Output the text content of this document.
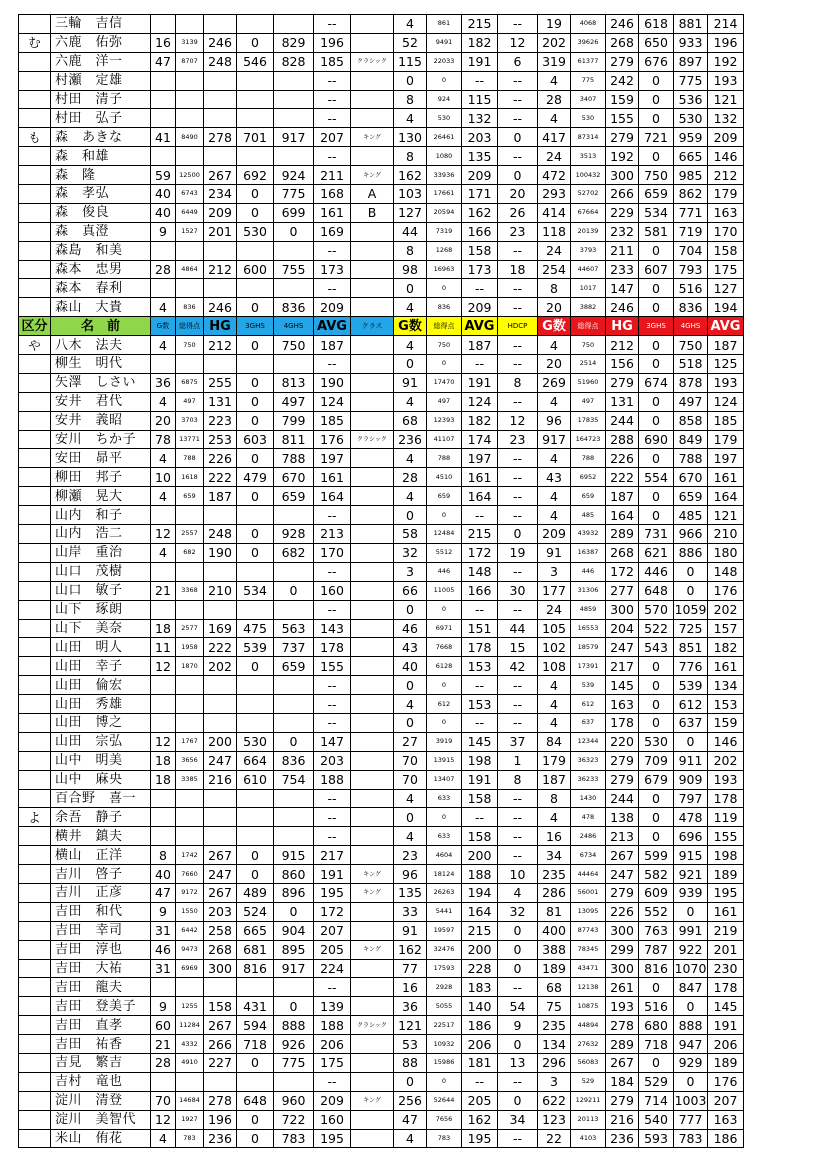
	三輪　吉信						--		4	861	215	--	19	4068	246	618	881	214
む	六鹿　佑弥	16	3139	246	0	829	196		52	9491	182	12	202	39626	268	650	933	196
	六鹿　洋一	47	8707	248	546	828	185	クラシック	115	22033	191	6	319	61377	279	676	897	192
	村瀬　定雄						--		0	0	--	--	4	775	242	0	775	193
	村田　清子						--		8	924	115	--	28	3407	159	0	536	121
	村田　弘子						--		4	530	132	--	4	530	155	0	530	132
も	森　あきな	41	8490	278	701	917	207	キング	130	26461	203	0	417	87314	279	721	959	209
	森　和雄						--		8	1080	135	--	24	3513	192	0	665	146
	森　隆	59	12500	267	692	924	211	キング	162	33936	209	0	472	100432	300	750	985	212
	森　孝弘	40	6743	234	0	775	168	A	103	17661	171	20	293	52702	266	659	862	179
	森　俊良	40	6449	209	0	699	161	B	127	20594	162	26	414	67664	229	534	771	163
	森　真澄	9	1527	201	530	0	169		44	7319	166	23	118	20139	232	581	719	170
	森島　和美						--		8	1268	158	--	24	3793	211	0	704	158
	森本　忠男	28	4864	212	600	755	173		98	16963	173	18	254	44607	233	607	793	175
	森本　春利						--		0	0	--	--	8	1017	147	0	516	127
	森山　大貴	4	836	246	0	836	209		4	836	209	--	20	3882	246	0	836	194
区分	名　前	G数	総得点	HG	3GHS	4GHS	AVG	クラス	G数	総得点	AVG	HDCP	G数	総得点	HG	3GHS	4GHS	AVG
や	八木　法夫	4	750	212	0	750	187		4	750	187	--	4	750	212	0	750	187
	柳生　明代						--		0	0	--	--	20	2514	156	0	518	125
	矢澤　しさい	36	6875	255	0	813	190		91	17470	191	8	269	51960	279	674	878	193
	安井　君代	4	497	131	0	497	124		4	497	124	--	4	497	131	0	497	124
	安井　義昭	20	3703	223	0	799	185		68	12393	182	12	96	17835	244	0	858	185
	安川　ちか子	78	13771	253	603	811	176	クラシック	236	41107	174	23	917	164723	288	690	849	179
	安田　昴平	4	788	226	0	788	197		4	788	197	--	4	788	226	0	788	197
	柳田　邦子	10	1618	222	479	670	161		28	4510	161	--	43	6952	222	554	670	161
	柳瀬　晃大	4	659	187	0	659	164		4	659	164	--	4	659	187	0	659	164
	山内　和子						--		0	0	--	--	4	485	164	0	485	121
	山内　浩二	12	2557	248	0	928	213		58	12484	215	0	209	43932	289	731	966	210
	山岸　重治	4	682	190	0	682	170		32	5512	172	19	91	16387	268	621	886	180
	山口　茂樹						--		3	446	148	--	3	446	172	446	0	148
	山口　敏子	21	3368	210	534	0	160		66	11005	166	30	177	31306	277	648	0	176
	山下　琢朗						--		0	0	--	--	24	4859	300	570	1059	202
	山下　美奈	18	2577	169	475	563	143		46	6971	151	44	105	16553	204	522	725	157
	山田　明人	11	1958	222	539	737	178		43	7668	178	15	102	18579	247	543	851	182
	山田　幸子	12	1870	202	0	659	155		40	6128	153	42	108	17391	217	0	776	161
	山田　倫宏						--		0	0	--	--	4	539	145	0	539	134
	山田　秀雄						--		4	612	153	--	4	612	163	0	612	153
	山田　博之						--		0	0	--	--	4	637	178	0	637	159
	山田　宗弘	12	1767	200	530	0	147		27	3919	145	37	84	12344	220	530	0	146
	山中　明美	18	3656	247	664	836	203		70	13915	198	1	179	36323	279	709	911	202
	山中　麻央	18	3385	216	610	754	188		70	13407	191	8	187	36233	279	679	909	193
	百合野　喜一						--		4	633	158	--	8	1430	244	0	797	178
よ	余吾　静子						--		0	0	--	--	4	478	138	0	478	119
	横井　鎮夫						--		4	633	158	--	16	2486	213	0	696	155
	横山　正洋	8	1742	267	0	915	217		23	4604	200	--	34	6734	267	599	915	198
	吉川　啓子	40	7660	247	0	860	191	キング	96	18124	188	10	235	44464	247	582	921	189
	吉川　正彦	47	9172	267	489	896	195	キング	135	26263	194	4	286	56001	279	609	939	195
	吉田　和代	9	1550	203	524	0	172		33	5441	164	32	81	13095	226	552	0	161
	吉田　幸司	31	6442	258	665	904	207		91	19597	215	0	400	87743	300	763	991	219
	吉田　淳也	46	9473	268	681	895	205	キング	162	32476	200	0	388	78345	299	787	922	201
	吉田　大祐	31	6969	300	816	917	224		77	17593	228	0	189	43471	300	816	1070	230
	吉田　龍夫						--		16	2928	183	--	68	12138	261	0	847	178
	吉田　登美子	9	1255	158	431	0	139		36	5055	140	54	75	10875	193	516	0	145
	吉田　直孝	60	11284	267	594	888	188	クラシック	121	22517	186	9	235	44894	278	680	888	191
	吉田　祐香	21	4332	266	718	926	206		53	10932	206	0	134	27632	289	718	947	206
	吉見　繁吉	28	4910	227	0	775	175		88	15986	181	13	296	56083	267	0	929	189
	吉村　竜也						--		0	0	--	--	3	529	184	529	0	176
	淀川　清登	70	14684	278	648	960	209	キング	256	52644	205	0	622	129211	279	714	1003	207
	淀川　美智代	12	1927	196	0	722	160		47	7656	162	34	123	20113	216	540	777	163
	米山　侑花	4	783	236	0	783	195		4	783	195	--	22	4103	236	593	783	186
